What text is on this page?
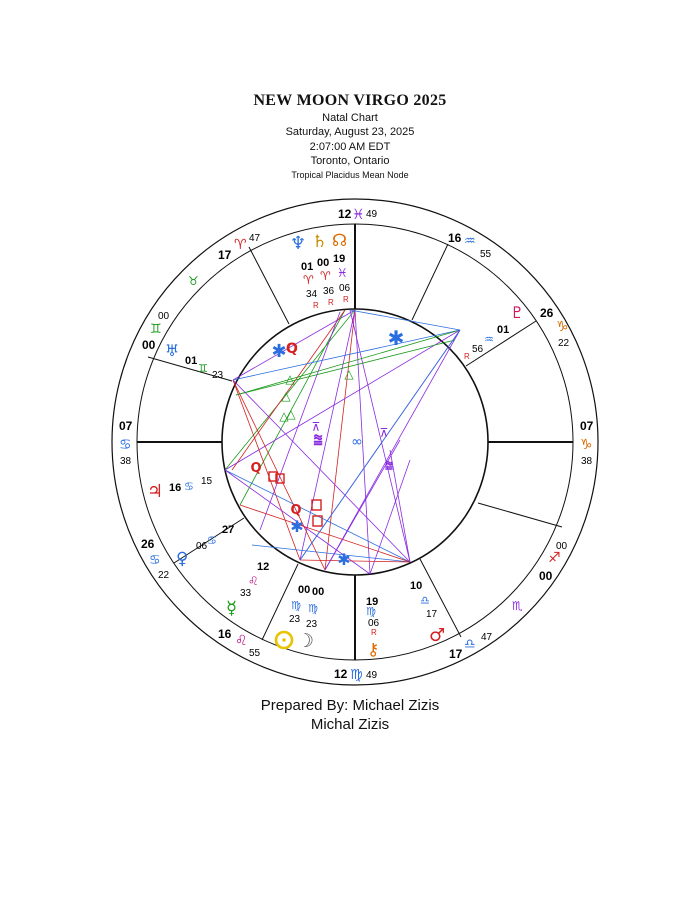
NEW MOON VIRGO 2025
Natal Chart
Saturday, August 23, 2025
2:07:00 AM EDT
Toronto, Ontario
Tropical Placidus Mean Node
✱
✱ Q
△	△
△
△
△
⊼
⩰	⊼
⩰
∞
Q
Q
✱
✱
12 ♓ 49
12 ♍ 49
07
♋
38
07
♑
38
17
♈ 47
00
♊
00
♉
26
♋
22
16 ♌
55	17
♎ 47
00
♐
00
♏
26
♑
22
16 ♒
55
♆ ♄ ☊
01 00 19
♈ ♈ ♓
34 36 06
R R R
♇
01
♒
56
R
♅
01
♊
23
♃ 16 ♋ 15
♀
06 ♋
27
☿
12
♌
33	00 00
♍ ♍
23 23
☽
19
♍
06
R
⚷
10
♎
17
♂
Prepared By: Michael Zizis
Michal Zizis
